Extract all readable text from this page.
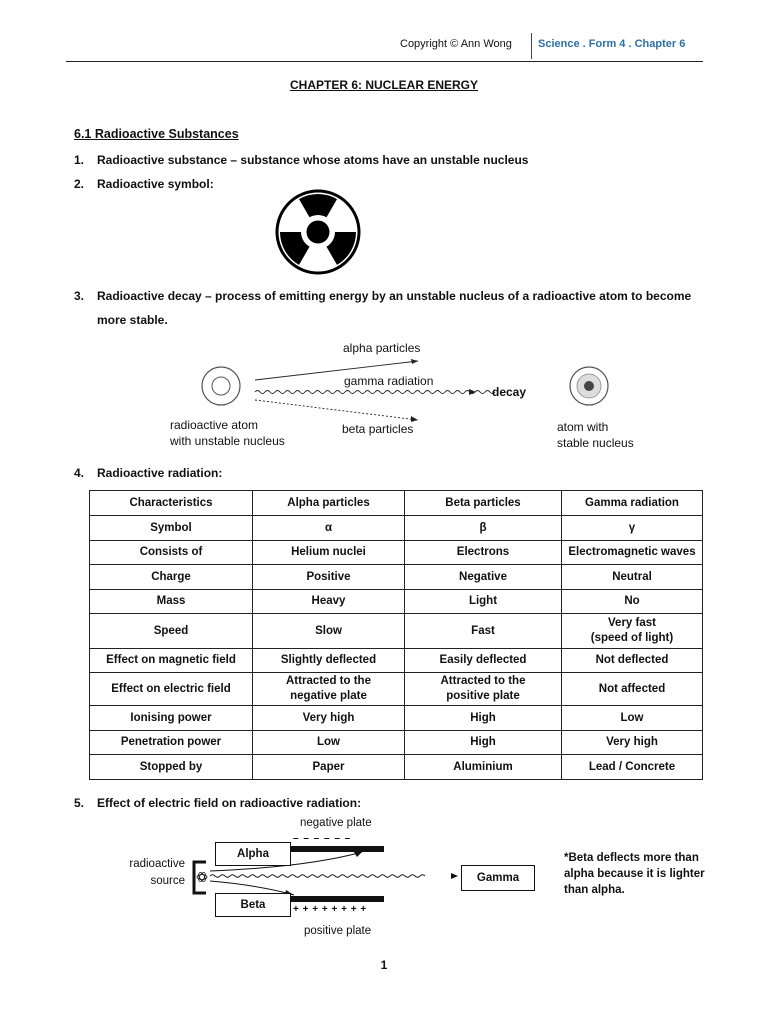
Copyright © Ann Wong Science . Form 4 . Chapter 6
CHAPTER 6: NUCLEAR ENERGY
6.1 Radioactive Substances
1. Radioactive substance – substance whose atoms have an unstable nucleus
2. Radioactive symbol:
3. Radioactive decay – process of emitting energy by an unstable nucleus of a radioactive atom to become
more stable.
alpha particles
gamma radiation
decay
radioactive atom
with unstable nucleus
beta particles	atom with
stable nucleus
4. Radioactive radiation:
Characteristics	Alpha particles	Beta particles	Gamma radiation
Symbol	α	β	γ
Consists of	Helium nuclei	Electrons	Electromagnetic waves
Charge	Positive	Negative	Neutral
Mass	Heavy	Light	No
Speed	Slow	Fast	Very fast
(speed of light)
Effect on magnetic field	Slightly deflected	Easily deflected	Not deflected
Effect on electric field	Attracted to the
negative plate	Attracted to the
positive plate	Not affected
Ionising power	Very high	High	Low
Penetration power	Low	High	Very high
Stopped by	Paper	Aluminium	Lead / Concrete
5. Effect of electric field on radioactive radiation:
negative plate
– – – – – –
+ + + + + + + +
positive plate
radioactive
source
Alpha
Beta
Gamma
*Beta deflects more than alpha because it is lighter than alpha.
1
